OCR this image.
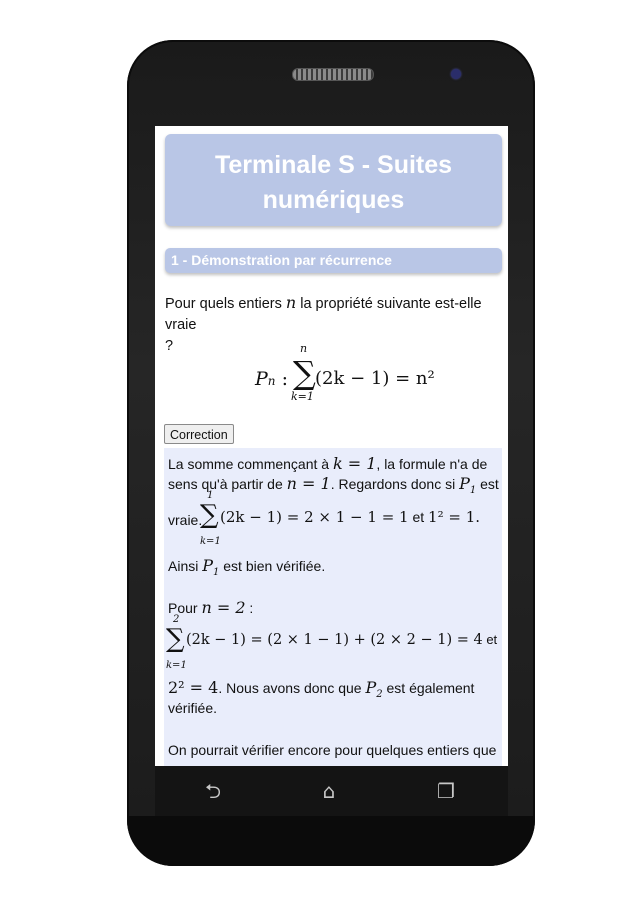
Terminale S - Suites
numériques
1 - Démonstration par récurrence
Pour quels entiers n la propriété suivante est-elle vraie
?
Pn :
n
∑
k=1
(2k − 1) = n²
Correction
La somme commençant à k = 1, la formule n'a de
sens qu'à partir de n = 1. Regardons donc si $P_1$ est
vraie.
1
∑
k=1
(2k − 1) = 2 × 1 − 1 = 1 et 1² = 1.
Ainsi $P_1$ est bien vérifiée.
Pour n = 2 :
2
∑
k=1
(2k − 1) = (2 × 1 − 1) + (2 × 2 − 1) = 4 et
2² = 4. Nous avons donc que $P_2$ est également
vérifiée.
On pourrait vérifier encore pour quelques entiers que
⮌	⌂	❐
